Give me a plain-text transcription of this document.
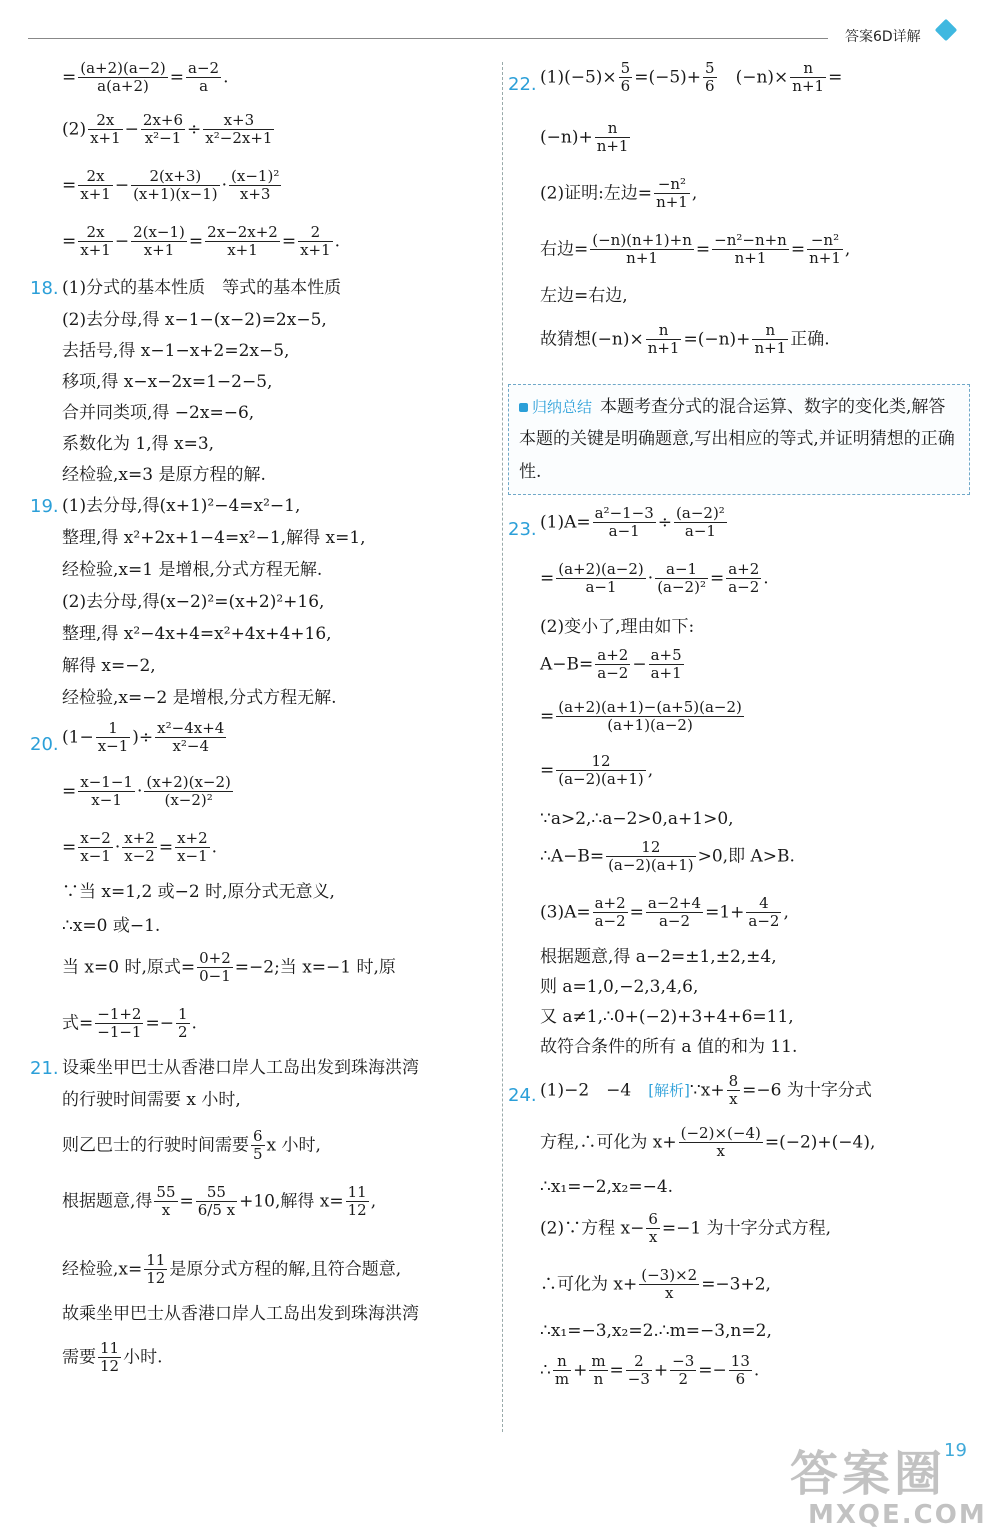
答案6D详解
= $\frac{(a+2)(a-2)}{a(a+2)} = \frac{a-2}{a}$ .
$(2) \frac{2x}{x+1} - \frac{2x+6}{\text{x²−1}} \div \frac{x+3}{\text{x²−2x+1}}$
= $\frac{2x}{x+1} - \frac{2(x+3)}{(x+1)(x-1)} \cdot \frac{\text{(x−1)²}}{x+3}$
= $\frac{2x}{x+1} - \frac{2(x-1)}{x+1} = \frac{2x-2x+2}{x+1} = \frac{2}{x+1}$ .
18. (1)分式的基本性质　等式的基本性质
(2)去分母,得 x−1−(x−2)=2x−5,
去括号,得 x−1−x+2=2x−5,
移项,得 x−x−2x=1−2−5,
合并同类项,得 −2x=−6,
系数化为 1,得 x=3,
经检验,x=3 是原方程的解.
19. (1)去分母,得(x+1)²−4=x²−1,
整理,得 x²+2x+1−4=x²−1,解得 x=1,
经检验,x=1 是增根,分式方程无解.
(2)去分母,得(x−2)²=(x+2)²+16,
整理,得 x²−4x+4=x²+4x+4+16,
解得 x=−2,
经检验,x=−2 是增根,分式方程无解.
20. ($1- \frac{1}{x-1}$ )÷ $\frac{\text{x²−4x+4}}{\text{x²−4}}$
= $\frac{x-1-1}{x-1} \cdot \frac{(x+2)(x-2)}{\text{(x−2)²}}$
= $\frac{x-2}{x-1} \cdot \frac{x+2}{x-2} = \frac{x+2}{x-1}$ .
∵当 x=1,2 或−2 时,原分式无意义,
∴x=0 或−1.
当 x=0 时,原式= $\frac{0+2}{0-1} =-2$;当 x=−1 时,原
式= $\frac{-1+2}{-1-1} =- \frac{1}{2}$ .
21. 设乘坐甲巴士从香港口岸人工岛出发到珠海洪湾
的行驶时间需要 x 小时,
则乙巴士的行驶时间需要 $\frac{6}{5}$ x 小时,
根据题意,得 $\frac{55}{x} = \frac{55}{6/5 x} +10$,解得 $x= \frac{11}{12}$ ,
经检验$,x= \frac{11}{12}$ 是原分式方程的解,且符合题意,
故乘坐甲巴士从香港口岸人工岛出发到珠海洪湾
需要 $\frac{11}{12}$ 小时.
22. $(1)(-5)\times \frac{5}{6} =(-5)+ \frac{5}{6}$ 　$(-n)\times \frac{n}{n+1}$ =
$(-n)+ \frac{n}{n+1}$
(2)证明:左边= $\frac{\text{−n²}}{n+1}$ ,
右边= $\frac{(-n)(n+1)+n}{n+1} = \frac{\text{−n²−n+n}}{n+1} = \frac{\text{−n²}}{n+1}$ ,
左边=右边,
故猜想$(-n)\times \frac{n}{n+1} =(-n)+ \frac{n}{n+1}$ 正确.
归纳总结 本题考查分式的混合运算、数字的变化类,解答本题的关键是明确题意,写出相应的等式,并证明猜想的正确性.
23. $(1)A= \frac{\text{a²−1−3}}{a-1} \div \frac{\text{(a−2)²}}{a-1}$
= $\frac{(a+2)(a-2)}{a-1} \cdot \frac{a-1}{\text{(a−2)²}} = \frac{a+2}{a-2}$ .
(2)变小了,理由如下:
$A-B= \frac{a+2}{a-2} - \frac{a+5}{a+1}$
= $\frac{(a+2)(a+1)-(a+5)(a-2)}{(a+1)(a-2)}$
= $\frac{12}{(a-2)(a+1)}$ ,
∵a>2,∴a−2>0,a+1>0,
∴A−B= $\frac{12}{(a-2)(a+1)} >0$,即 A>B.
$(3)A= \frac{a+2}{a-2} = \frac{a-2+4}{a-2} =1+ \frac{4}{a-2}$ ,
根据题意,得 a−2=±1,±2,±4,
则 a=1,0,−2,3,4,6,
又 a≠1,∴0+(−2)+3+4+6=11,
故符合条件的所有 a 值的和为 11.
24. (1)−2　−4　[解析]∵x+ $\frac{8}{x} =-6$ 为十字分式
方程,∴可化为 $x+ \frac{(-2)\times(-4)}{x} =(-2)+(-4)$,
∴x₁=−2,x₂=−4.
(2)∵方程 $x- \frac{6}{x} =-1$ 为十字分式方程,
∴可化为 $x+ \frac{(-3)\times 2}{x} =-3+2$,
∴x₁=−3,x₂=2.∴m=−3,n=2,
∴ $\frac{n}{m} + \frac{m}{n} = \frac{2}{-3} + \frac{-3}{2} =- \frac{13}{6}$ .
答案圈
MXQE.COM
19
